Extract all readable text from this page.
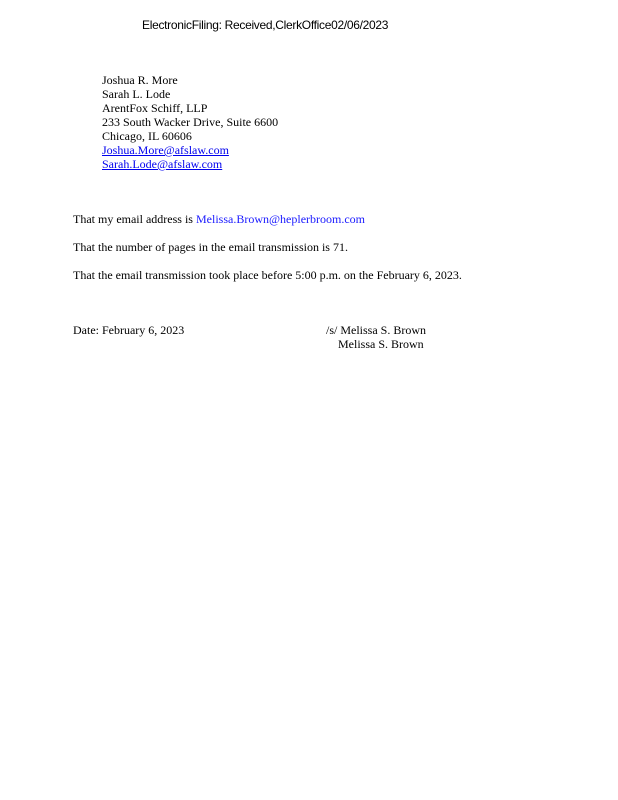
ElectronicFiling: Received,ClerkOffice02/06/2023
Joshua R. More
Sarah L. Lode
ArentFox Schiff, LLP
233 South Wacker Drive, Suite 6600
Chicago, IL 60606
Joshua.More@afslaw.com
Sarah.Lode@afslaw.com
That my email address is Melissa.Brown@heplerbroom.com
That the number of pages in the email transmission is 71.
That the email transmission took place before 5:00 p.m. on the February 6, 2023.
Date: February 6, 2023	/s/ Melissa S. Brown
Melissa S. Brown
